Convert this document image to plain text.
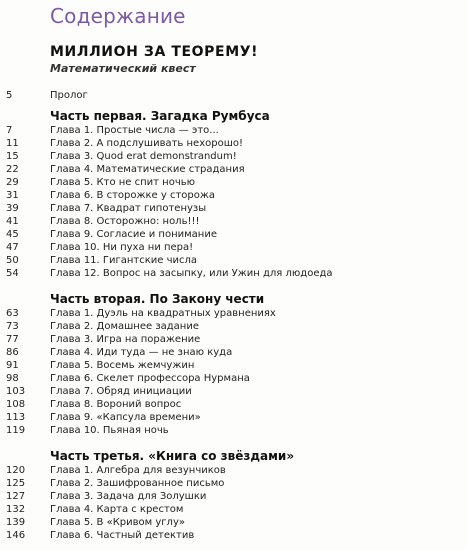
Содержание
МИЛЛИОН ЗА ТЕОРЕМУ!
Математический квест
5	Пролог
Часть первая. Загадка Румбуса
7	Глава 1. Простые числа — это...
11	Глава 2. А подслушивать нехорошо!
15	Глава 3. Quod erat demonstrandum!
22	Глава 4. Математические страдания
29	Глава 5. Кто не спит ночью
31	Глава 6. В сторожке у сторожа
39	Глава 7. Квадрат гипотенузы
41	Глава 8. Осторожно: ноль!!!
45	Глава 9. Согласие и понимание
47	Глава 10. Ни пуха ни пера!
50	Глава 11. Гигантские числа
54	Глава 12. Вопрос на засыпку, или Ужин для людоеда
Часть вторая. По Закону чести
63	Глава 1. Дуэль на квадратных уравнениях
73	Глава 2. Домашнее задание
77	Глава 3. Игра на поражение
86	Глава 4. Иди туда — не знаю куда
91	Глава 5. Восемь жемчужин
98	Глава 6. Скелет профессора Нурмана
103 Глава 7. Обряд инициации
108 Глава 8. Вороний вопрос
113 Глава 9. «Капсула времени»
119 Глава 10. Пьяная ночь
Часть третья. «Книга со звёздами»
120 Глава 1. Алгебра для везунчиков
125 Глава 2. Зашифрованное письмо
127 Глава 3. Задача для Золушки
132 Глава 4. Карта с крестом
139 Глава 5. В «Кривом углу»
146 Глава 6. Частный детектив
